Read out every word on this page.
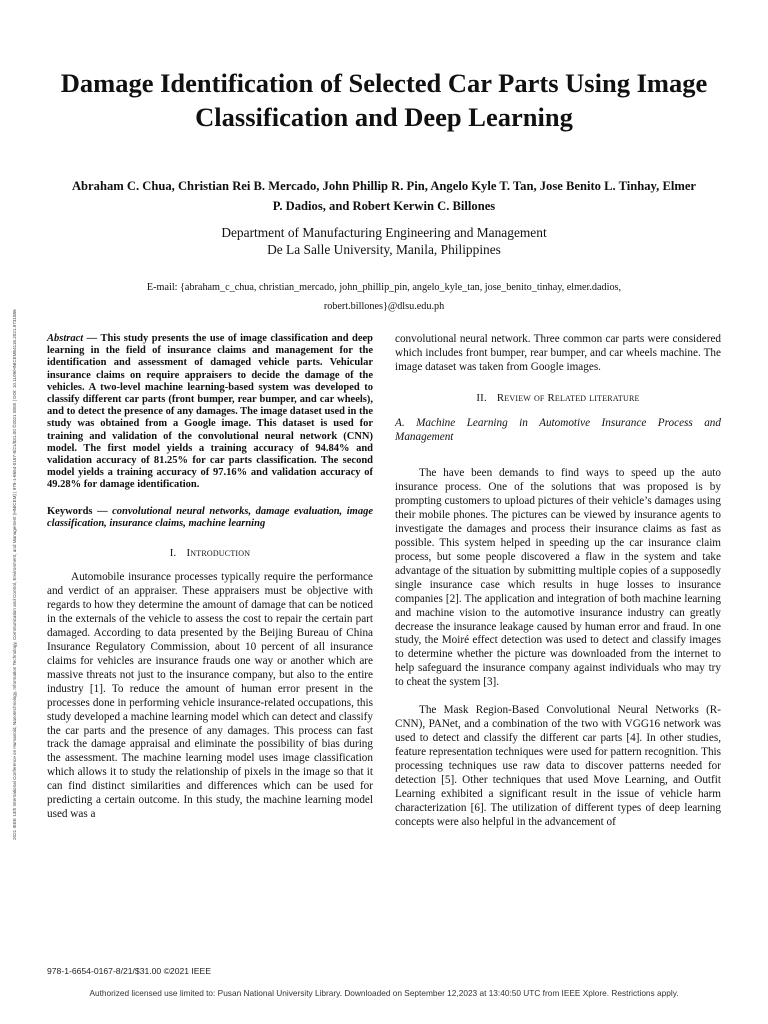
2021 IEEE 13th International Conference on Humanoid, Nanotechnology, Information Technology, Communication and Control, Environment, and Management (HNICEM) | 978-1-6654-0167-8/21/$31.00 ©2021 IEEE | DOI: 10.1109/HNICEM54116.2021.9731886
Damage Identification of Selected Car Parts Using Image Classification and Deep Learning

Abraham C. Chua, Christian Rei B. Mercado, John Phillip R. Pin, Angelo Kyle T. Tan, Jose Benito L. Tinhay, Elmer P. Dadios, and Robert Kerwin C. Billones

Department of Manufacturing Engineering and Management
De La Salle University, Manila, Philippines

E-mail: {abraham_c_chua, christian_mercado, john_phillip_pin, angelo_kyle_tan, jose_benito_tinhay, elmer.dadios, robert.billones}@dlsu.edu.ph

Abstract — This study presents the use of image classification and deep learning in the field of insurance claims and management for the identification and assessment of damaged vehicle parts. Vehicular insurance claims on require appraisers to decide the damage of the vehicles. A two-level machine learning-based system was developed to classify different car parts (front bumper, rear bumper, and car wheels), and to detect the presence of any damages. The image dataset used in the study was obtained from a Google image. This dataset is used for training and validation of the convolutional neural network (CNN) model. The first model yields a training accuracy of 94.84% and validation accuracy of 81.25% for car parts classification. The second model yields a training accuracy of 97.16% and validation accuracy of 49.28% for damage identification.

Keywords — convolutional neural networks, damage evaluation, image classification, insurance claims, machine learning

I. Introduction

Automobile insurance processes typically require the performance and verdict of an appraiser. These appraisers must be objective with regards to how they determine the amount of damage that can be noticed in the externals of the vehicle to assess the cost to repair the certain part damaged. According to data presented by the Beijing Bureau of China Insurance Regulatory Commission, about 10 percent of all insurance claims for vehicles are insurance frauds one way or another which are massive threats not just to the insurance company, but also to the entire industry [1]. To reduce the amount of human error present in the processes done in performing vehicle insurance-related occupations, this study developed a machine learning model which can detect and classify the car parts and the presence of any damages. This process can fast track the damage appraisal and eliminate the possibility of bias during the assessment. The machine learning model uses image classification which allows it to study the relationship of pixels in the image so that it can find distinct similarities and differences which can be used for predicting a certain outcome. In this study, the machine learning model used was a

convolutional neural network. Three common car parts were considered which includes front bumper, rear bumper, and car wheels machine. The image dataset was taken from Google images.

II. Review of Related literature

A. Machine Learning in Automotive Insurance Process and Management

The have been demands to find ways to speed up the auto insurance process. One of the solutions that was proposed is by prompting customers to upload pictures of their vehicle’s damages using their mobile phones. The pictures can be viewed by insurance agents to investigate the damages and process their insurance claims as fast as possible. This system helped in speeding up the car insurance claim process, but some people discovered a flaw in the system and take advantage of the situation by submitting multiple copies of a supposedly single insurance case which results in huge losses to insurance companies [2]. The application and integration of both machine learning and machine vision to the automotive insurance industry can greatly decrease the insurance leakage caused by human error and fraud. In one study, the Moiré effect detection was used to detect and classify images to determine whether the picture was downloaded from the internet to help safeguard the insurance company against individuals who may try to cheat the system [3].

The Mask Region-Based Convolutional Neural Networks (R-CNN), PANet, and a combination of the two with VGG16 network was used to detect and classify the different car parts [4]. In other studies, feature representation techniques were used for pattern recognition. This processing techniques use raw data to discover patterns needed for detection [5]. Other techniques that used Move Learning, and Outfit Learning exhibited a significant result in the issue of vehicle harm characterization [6]. The utilization of different types of deep learning concepts were also helpful in the advancement of

978-1-6654-0167-8/21/$31.00 ©2021 IEEE
Authorized licensed use limited to: Pusan National University Library. Downloaded on September 12,2023 at 13:40:50 UTC from IEEE Xplore. Restrictions apply.
